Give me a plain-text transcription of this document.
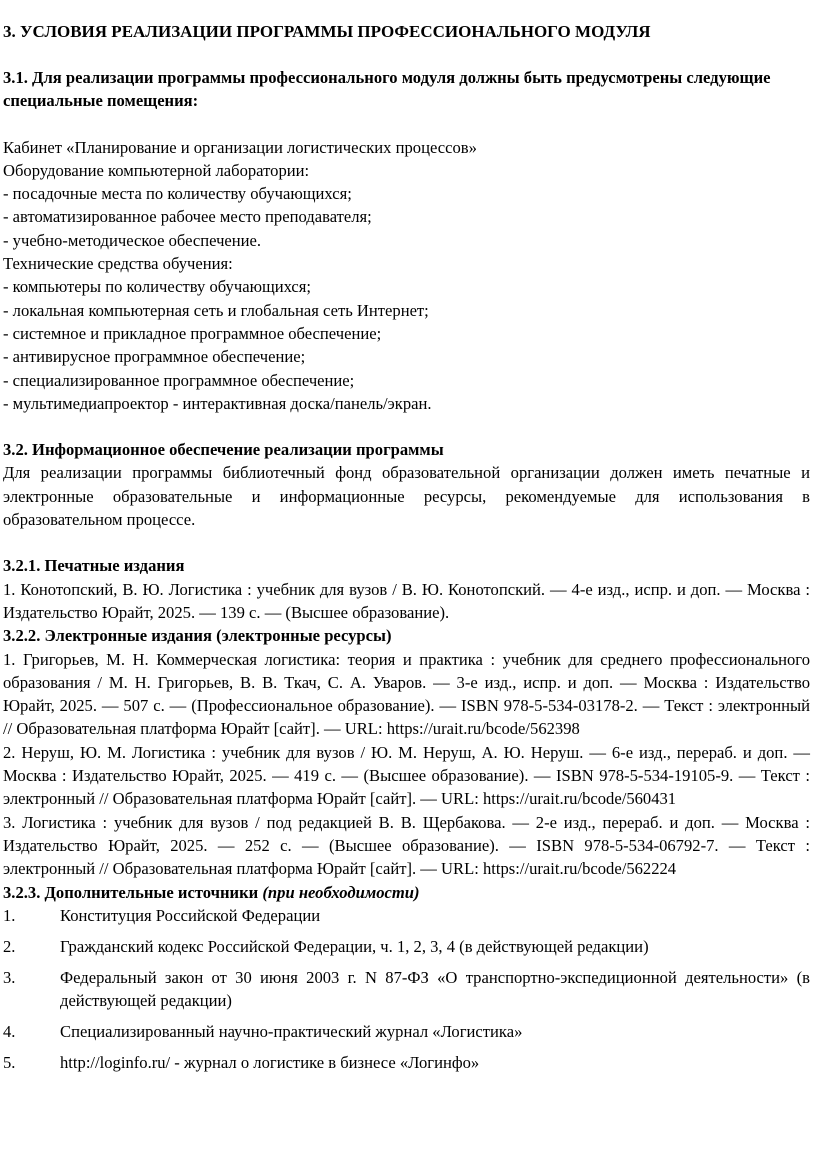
3. УСЛОВИЯ РЕАЛИЗАЦИИ ПРОГРАММЫ ПРОФЕССИОНАЛЬНОГО МОДУЛЯ

3.1. Для реализации программы профессионального модуля должны быть предусмотрены следующие специальные помещения:

Кабинет «Планирование и организации логистических процессов»

Оборудование компьютерной лаборатории:

- посадочные места по количеству обучающихся;

- автоматизированное рабочее место преподавателя;

- учебно-методическое обеспечение.

Технические средства обучения:

- компьютеры по количеству обучающихся;

- локальная компьютерная сеть и глобальная сеть Интернет;

- системное и прикладное программное обеспечение;

- антивирусное программное обеспечение;

- специализированное программное обеспечение;

- мультимедиапроектор - интерактивная доска/панель/экран.

3.2. Информационное обеспечение реализации программы

Для реализации программы библиотечный фонд образовательной организации должен иметь печатные и электронные образовательные и информационные ресурсы, рекомендуемые для использования в образовательном процессе.

3.2.1. Печатные издания

1. Конотопский, В. Ю. Логистика : учебник для вузов / В. Ю. Конотопский. — 4-е изд., испр. и доп. — Москва : Издательство Юрайт, 2025. — 139 с. — (Высшее образование).

3.2.2. Электронные издания (электронные ресурсы)

1. Григорьев, М. Н. Коммерческая логистика: теория и практика : учебник для среднего профессионального образования / М. Н. Григорьев, В. В. Ткач, С. А. Уваров. — 3-е изд., испр. и доп. — Москва : Издательство Юрайт, 2025. — 507 с. — (Профессиональное образование). — ISBN 978-5-534-03178-2. — Текст : электронный // Образовательная платформа Юрайт [сайт]. — URL: https://urait.ru/bcode/562398

2. Неруш, Ю. М. Логистика : учебник для вузов / Ю. М. Неруш, А. Ю. Неруш. — 6-е изд., перераб. и доп. — Москва : Издательство Юрайт, 2025. — 419 с. — (Высшее образование). — ISBN 978-5-534-19105-9. — Текст : электронный // Образовательная платформа Юрайт [сайт]. — URL: https://urait.ru/bcode/560431

3. Логистика : учебник для вузов / под редакцией В. В. Щербакова. — 2-е изд., перераб. и доп. — Москва : Издательство Юрайт, 2025. — 252 с. — (Высшее образование). — ISBN 978-5-534-06792-7. — Текст : электронный // Образовательная платформа Юрайт [сайт]. — URL: https://urait.ru/bcode/562224

3.2.3. Дополнительные источники (при необходимости)

1.	Конституция Российской Федерации
2.	Гражданский кодекс Российской Федерации, ч. 1, 2, 3, 4 (в действующей редакции)
3.	Федеральный закон от 30 июня 2003 г. N 87-ФЗ «О транспортно-экспедиционной деятельности» (в действующей редакции)
4.	Специализированный научно-практический журнал «Логистика»
5.	http://loginfo.ru/ - журнал о логистике в бизнесе «Логинфо»
